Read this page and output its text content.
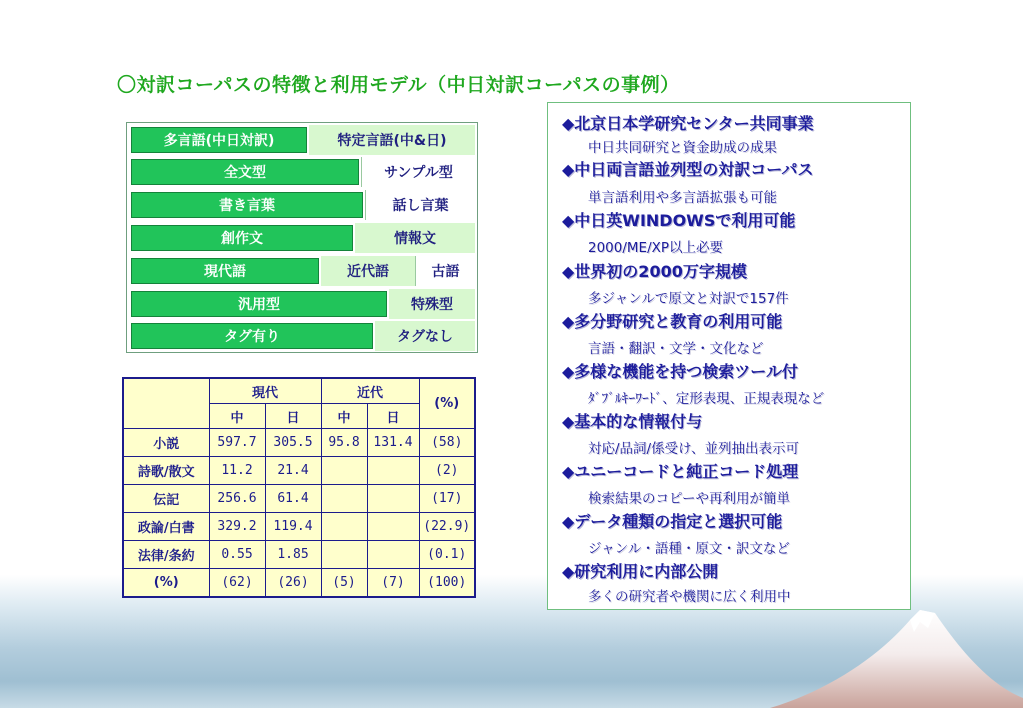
〇対訳コーパスの特徴と利用モデル（中日対訳コーパスの事例）
多言語(中日対訳)	特定言語(中&日)
全文型	サンプル型
書き言葉	話し言葉
創作文	情報文
現代語	近代語	古語
汎用型	特殊型
タグ有り	タグなし
	現代		近代		(%)
	中	日	中	日	
小説	597.7	305.5	95.8	131.4	(58)
詩歌/散文	11.2	21.4			(2)
伝記	256.6	61.4			(17)
政論/白書	329.2	119.4			(22.9)
法律/条約	0.55	1.85			(0.1)
(%)	(62)	(26)	(5)	(7)	(100)
◆北京日本学研究センター共同事業
中日共同研究と資金助成の成果
◆中日両言語並列型の対訳コーパス
単言語利用や多言語拡張も可能
◆中日英WINDOWSで利用可能
2000/ME/XP以上必要
◆世界初の2000万字規模
多ジャンルで原文と対訳で157件
◆多分野研究と教育の利用可能
言語・翻訳・文学・文化など
◆多様な機能を持つ検索ツール付
ﾀﾞﾌﾞﾙｷｰﾜｰﾄﾞ、定形表現、正規表現など
◆基本的な情報付与
対応/品詞/係受け、並列抽出表示可
◆ユニーコードと純正コード処理
検索結果のコピーや再利用が簡単
◆データ種類の指定と選択可能
ジャンル・語種・原文・訳文など
◆研究利用に内部公開
多くの研究者や機関に広く利用中
